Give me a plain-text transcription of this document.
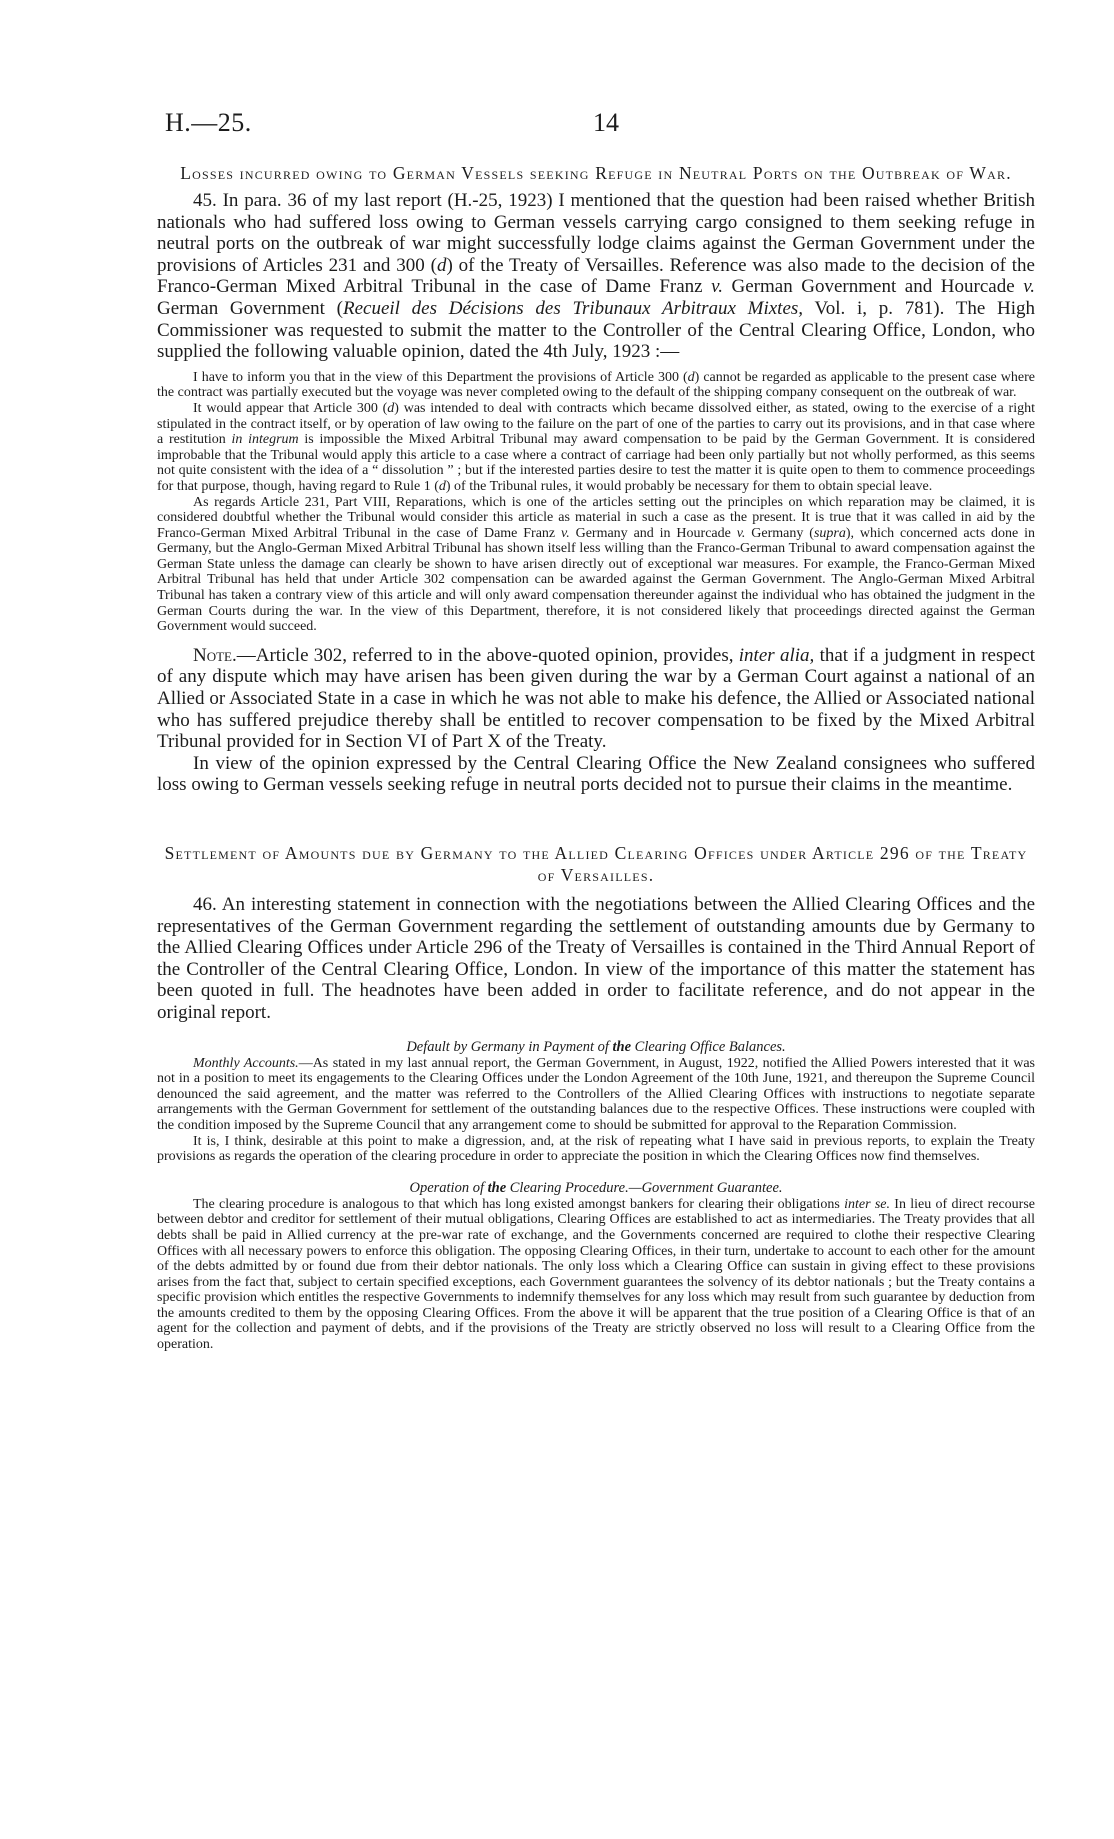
H.—25.	14

Losses incurred owing to German Vessels seeking Refuge in Neutral Ports on the Outbreak of War.

45. In para. 36 of my last report (H.-25, 1923) I mentioned that the question had been raised whether British nationals who had suffered loss owing to German vessels carrying cargo consigned to them seeking refuge in neutral ports on the outbreak of war might successfully lodge claims against the German Government under the provisions of Articles 231 and 300 (d) of the Treaty of Versailles. Reference was also made to the decision of the Franco-German Mixed Arbitral Tribunal in the case of Dame Franz v. German Government and Hourcade v. German Government (Recueil des Décisions des Tribunaux Arbitraux Mixtes, Vol. i, p. 781). The High Commissioner was requested to submit the matter to the Controller of the Central Clearing Office, London, who supplied the following valuable opinion, dated the 4th July, 1923 :—

I have to inform you that in the view of this Department the provisions of Article 300 (d) cannot be regarded as applicable to the present case where the contract was partially executed but the voyage was never completed owing to the default of the shipping company consequent on the outbreak of war.

It would appear that Article 300 (d) was intended to deal with contracts which became dissolved either, as stated, owing to the exercise of a right stipulated in the contract itself, or by operation of law owing to the failure on the part of one of the parties to carry out its provisions, and in that case where a restitution in integrum is impossible the Mixed Arbitral Tribunal may award compensation to be paid by the German Government. It is considered improbable that the Tribunal would apply this article to a case where a contract of carriage had been only partially but not wholly performed, as this seems not quite consistent with the idea of a “ dissolution ” ; but if the interested parties desire to test the matter it is quite open to them to commence proceedings for that purpose, though, having regard to Rule 1 (d) of the Tribunal rules, it would probably be necessary for them to obtain special leave.

As regards Article 231, Part VIII, Reparations, which is one of the articles setting out the principles on which reparation may be claimed, it is considered doubtful whether the Tribunal would consider this article as material in such a case as the present. It is true that it was called in aid by the Franco-German Mixed Arbitral Tribunal in the case of Dame Franz v. Germany and in Hourcade v. Germany (supra), which concerned acts done in Germany, but the Anglo-German Mixed Arbitral Tribunal has shown itself less willing than the Franco-German Tribunal to award compensation against the German State unless the damage can clearly be shown to have arisen directly out of exceptional war measures. For example, the Franco-German Mixed Arbitral Tribunal has held that under Article 302 compensation can be awarded against the German Government. The Anglo-German Mixed Arbitral Tribunal has taken a contrary view of this article and will only award compensation thereunder against the individual who has obtained the judgment in the German Courts during the war. In the view of this Department, therefore, it is not considered likely that proceedings directed against the German Government would succeed.

Note.—Article 302, referred to in the above-quoted opinion, provides, inter alia, that if a judgment in respect of any dispute which may have arisen has been given during the war by a German Court against a national of an Allied or Associated State in a case in which he was not able to make his defence, the Allied or Associated national who has suffered prejudice thereby shall be entitled to recover compensation to be fixed by the Mixed Arbitral Tribunal provided for in Section VI of Part X of the Treaty.

In view of the opinion expressed by the Central Clearing Office the New Zealand consignees who suffered loss owing to German vessels seeking refuge in neutral ports decided not to pursue their claims in the meantime.

Settlement of Amounts due by Germany to the Allied Clearing Offices under Article 296 of the Treaty of Versailles.

46. An interesting statement in connection with the negotiations between the Allied Clearing Offices and the representatives of the German Government regarding the settlement of outstanding amounts due by Germany to the Allied Clearing Offices under Article 296 of the Treaty of Versailles is contained in the Third Annual Report of the Controller of the Central Clearing Office, London. In view of the importance of this matter the statement has been quoted in full. The headnotes have been added in order to facilitate reference, and do not appear in the original report.

Default by Germany in Payment of the Clearing Office Balances.

Monthly Accounts.—As stated in my last annual report, the German Government, in August, 1922, notified the Allied Powers interested that it was not in a position to meet its engagements to the Clearing Offices under the London Agreement of the 10th June, 1921, and thereupon the Supreme Council denounced the said agreement, and the matter was referred to the Controllers of the Allied Clearing Offices with instructions to negotiate separate arrangements with the German Government for settlement of the outstanding balances due to the respective Offices. These instructions were coupled with the condition imposed by the Supreme Council that any arrangement come to should be submitted for approval to the Reparation Commission.

It is, I think, desirable at this point to make a digression, and, at the risk of repeating what I have said in previous reports, to explain the Treaty provisions as regards the operation of the clearing procedure in order to appreciate the position in which the Clearing Offices now find themselves.

Operation of the Clearing Procedure.—Government Guarantee.

The clearing procedure is analogous to that which has long existed amongst bankers for clearing their obligations inter se. In lieu of direct recourse between debtor and creditor for settlement of their mutual obligations, Clearing Offices are established to act as intermediaries. The Treaty provides that all debts shall be paid in Allied currency at the pre-war rate of exchange, and the Governments concerned are required to clothe their respective Clearing Offices with all necessary powers to enforce this obligation. The opposing Clearing Offices, in their turn, undertake to account to each other for the amount of the debts admitted by or found due from their debtor nationals. The only loss which a Clearing Office can sustain in giving effect to these provisions arises from the fact that, subject to certain specified exceptions, each Government guarantees the solvency of its debtor nationals ; but the Treaty contains a specific provision which entitles the respective Governments to indemnify themselves for any loss which may result from such guarantee by deduction from the amounts credited to them by the opposing Clearing Offices. From the above it will be apparent that the true position of a Clearing Office is that of an agent for the collection and payment of debts, and if the provisions of the Treaty are strictly observed no loss will result to a Clearing Office from the operation.
